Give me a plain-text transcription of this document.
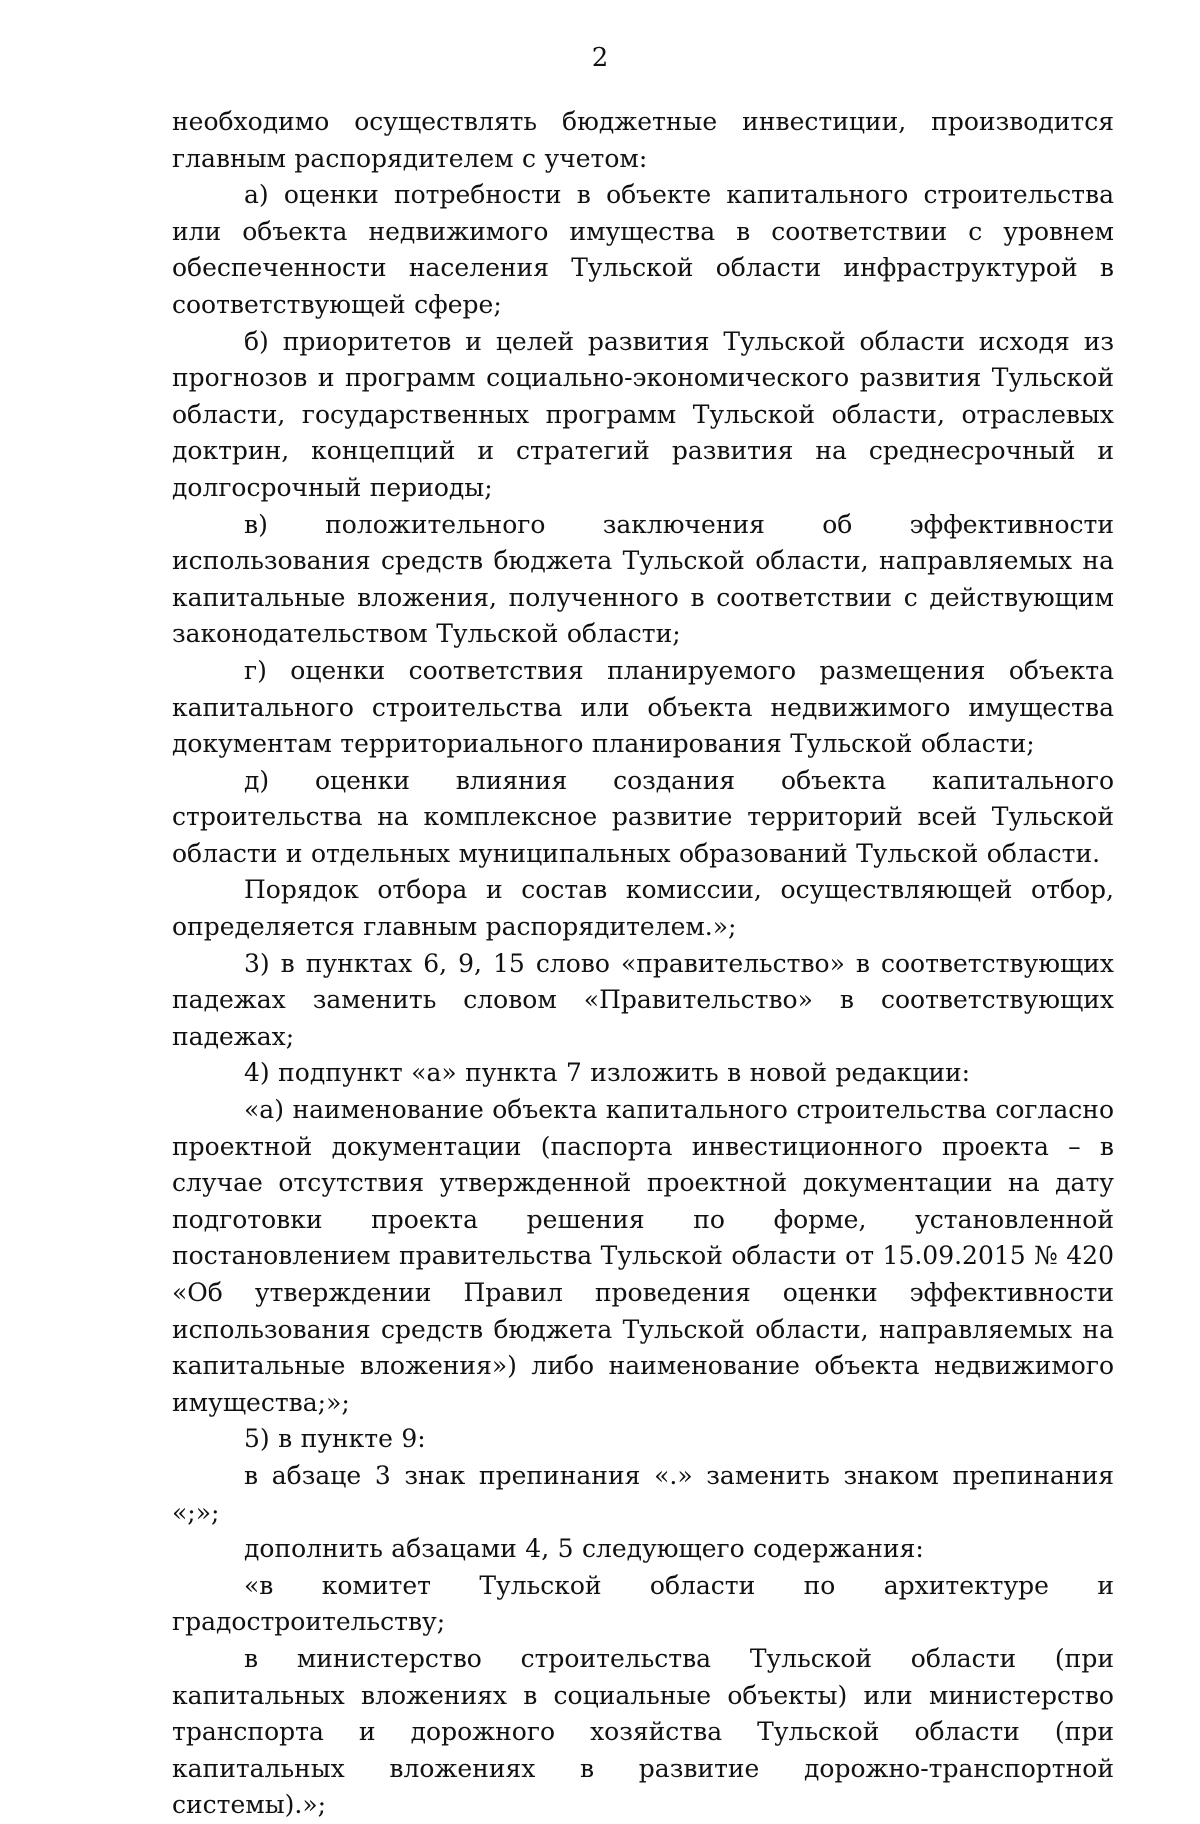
2

необходимо осуществлять бюджетные инвестиции, производится главным распорядителем с учетом:

а) оценки потребности в объекте капитального строительства или объекта недвижимого имущества в соответствии с уровнем обеспеченности населения Тульской области инфраструктурой в соответствующей сфере;

б) приоритетов и целей развития Тульской области исходя из прогнозов и программ социально-экономического развития Тульской области, государственных программ Тульской области, отраслевых доктрин, концепций и стратегий развития на среднесрочный и долгосрочный периоды;

в) положительного заключения об эффективности использования средств бюджета Тульской области, направляемых на капитальные вложения, полученного в соответствии с действующим законодательством Тульской области;

г) оценки соответствия планируемого размещения объекта капитального строительства или объекта недвижимого имущества документам территориального планирования Тульской области;

д) оценки влияния создания объекта капитального строительства на комплексное развитие территорий всей Тульской области и отдельных муниципальных образований Тульской области.

Порядок отбора и состав комиссии, осуществляющей отбор, определяется главным распорядителем.»;

3) в пунктах 6, 9, 15 слово «правительство» в соответствующих падежах заменить словом «Правительство» в соответствующих падежах;

4) подпункт «а» пункта 7 изложить в новой редакции:

«а) наименование объекта капитального строительства согласно проектной документации (паспорта инвестиционного проекта – в случае отсутствия утвержденной проектной документации на дату подготовки проекта решения по форме, установленной постановлением правительства Тульской области от 15.09.2015 № 420 «Об утверждении Правил проведения оценки эффективности использования средств бюджета Тульской области, направляемых на капитальные вложения») либо наименование объекта недвижимого имущества;»;

5) в пункте 9:

в абзаце 3 знак препинания «.» заменить знаком препинания «;»;

дополнить абзацами 4, 5 следующего содержания:

«в комитет Тульской области по архитектуре и градостроительству;

в министерство строительства Тульской области (при капитальных вложениях в социальные объекты) или министерство транспорта и дорожного хозяйства Тульской области (при капитальных вложениях в развитие дорожно-транспортной системы).»;
